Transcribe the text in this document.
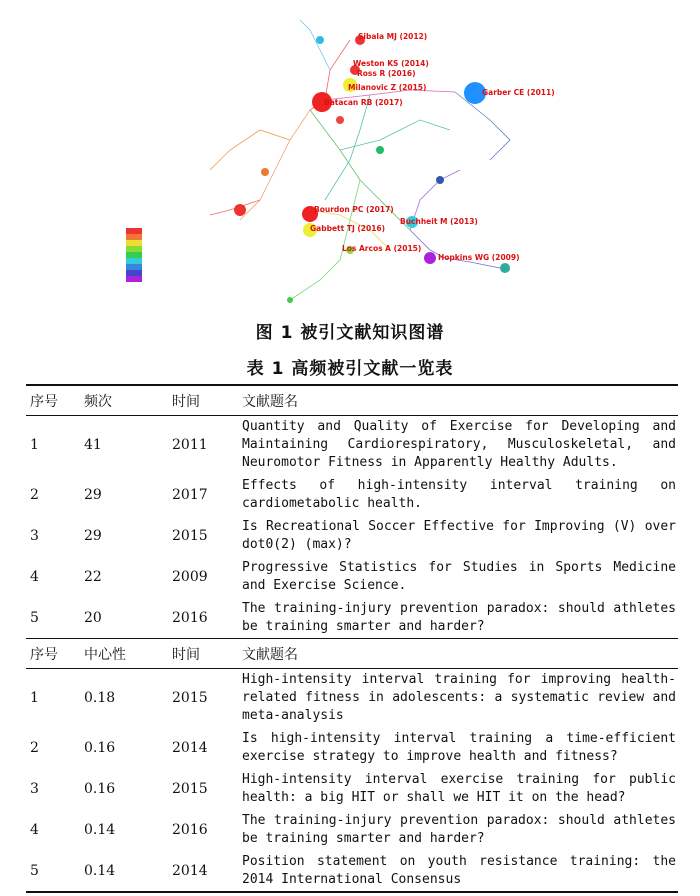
Sibala MJ (2012)
Weston KS (2014)
Ross R (2016)
Milanovic Z (2015)
Batacan RB (2017)
Garber CE (2011)
Bourdon PC (2017)
Gabbett TJ (2016)
Buchheit M (2013)
Los Arcos A (2015)
Hopkins WG (2009)
图 1 被引文献知识图谱
表 1 高频被引文献一览表
序号	频次	时间	文献题名
1	41	2011	Quantity and Quality of Exercise for Developing and Maintaining Cardiorespiratory, Musculoskeletal, and Neuromotor Fitness in Apparently Healthy Adults.
2	29	2017	Effects of high-intensity interval training on cardiometabolic health.
3	29	2015	Is Recreational Soccer Effective for Improving (V) over dot0(2) (max)?
4	22	2009	Progressive Statistics for Studies in Sports Medicine and Exercise Science.
5	20	2016	The training-injury prevention paradox: should athletes be training smarter and harder?
序号	中心性	时间	文献题名
1	0.18	2015	High-intensity interval training for improving health-related fitness in adolescents: a systematic review and meta-analysis
2	0.16	2014	Is high-intensity interval training a time-efficient exercise strategy to improve health and fitness?
3	0.16	2015	High-intensity interval exercise training for public health: a big HIT or shall we HIT it on the head?
4	0.14	2016	The training-injury prevention paradox: should athletes be training smarter and harder?
5	0.14	2014	Position statement on youth resistance training: the 2014 International Consensus
